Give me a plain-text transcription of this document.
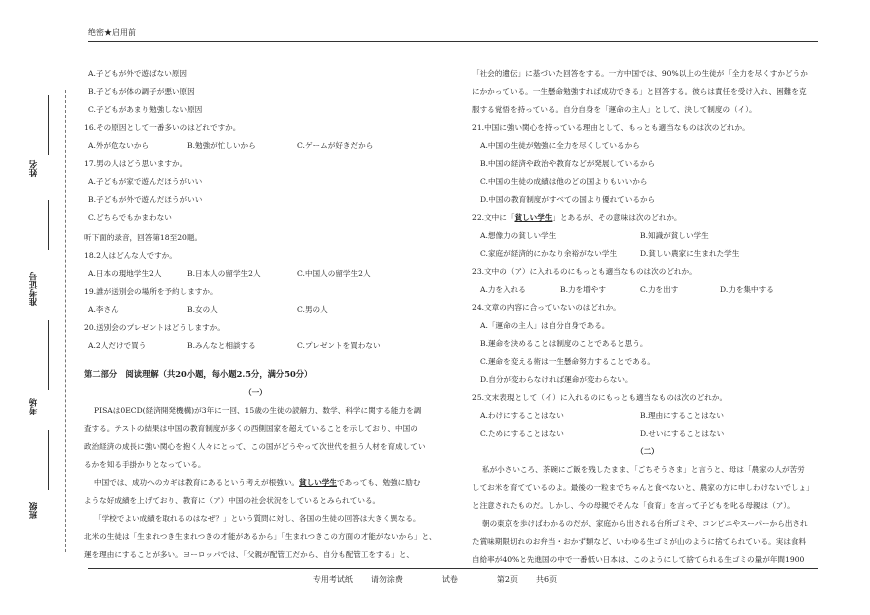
绝密★启用前
姓名
准考证号
考场
班级
A.子どもが外で遊ばない原因
B.子どもが体の調子が悪い原因
C.子どもがあまり勉強しない原因
16.その原因として一番多いのはどれですか。
A.外が危ないから	B.勉強が忙しいから	C.ゲームが好きだから
17.男の人はどう思いますか。
A.子どもが家で遊んだほうがいい
B.子どもが外で遊んだほうがいい
C.どちらでもかまわない
听下面的录音，回答第18至20题。
18.2人はどんな人ですか。
A.日本の現地学生2人	B.日本人の留学生2人	C.中国人の留学生2人
19.誰が送別会の場所を予約しますか。
A.李さん	B.女の人	C.男の人
20.送別会のプレゼントはどうしますか。
A.2人だけで買う	B.みんなと相談する	C.プレゼントを買わない
第二部分　阅读理解（共20小题，每小题2.5分，满分50分）
（一）
PISAは0ECD(経済開発機構)が3年に一回、15歳の生徒の読解力、数学、科学に関する能力を調
査する。テストの結果は中国の教育制度が多くの西側国家を超えていることを示しており、中国の
政治経済の成長に強い関心を抱く人々にとって、この国がどうやって次世代を担う人材を育成してい
るかを知る手掛かりとなっている。
中国では、成功へのカギは教育にあるという考えが根強い。貧しい学生であっても、勉強に励む
ような好成績を上げており、教育に（ア）中国の社会状況をしているとみられている。
「学校でよい成績を取れるのはなぜ？」という質問に対し、各国の生徒の回答は大きく異なる。
北米の生徒は「生まれつき生まれつきの才能があるから」「生まれつきこの方面の才能がないから」と、
運を理由にすることが多い。ヨーロッパでは、「父親が配管工だから、自分も配管工をする」と、
「社会的遺伝」に基づいた回答をする。一方中国では、90%以上の生徒が「全力を尽くすかどうか
にかかっている。一生懸命勉強すれば成功できる」と回答する。彼らは責任を受け入れ、困難を克
服する覚悟を持っている。自分自身を「運命の主人」として、決して制度の（イ）。
21.中国に強い関心を持っている理由として、もっとも適当なものは次のどれか。
A.中国の生徒が勉強に全力を尽くしているから
B.中国の経済や政治や教育などが発展しているから
C.中国の生徒の成績は他のどの国よりもいいから
D.中国の教育制度がすべての国より優れているから
22.文中に「貧しい学生」とあるが、その意味は次のどれか。
A.想像力の貧しい学生	B.知識が貧しい学生
C.家庭が経済的にかなり余裕がない学生	D.貧しい農家に生まれた学生
23.文中の（ア）に入れるのにもっとも適当なものは次のどれか。
A.力を入れる	B.力を増やす	C.力を出す	D.力を集中する
24.文章の内容に合っていないのはどれか。
A.「運命の主人」は自分自身である。
B.運命を決めることは制度のことであると思う。
C.運命を変える術は一生懸命努力することである。
D.自分が変わらなければ運命が変わらない。
25.文末表現として（イ）に入れるのにもっとも適当なものは次のどれか。
A.わけにすることはない	B.理由にすることはない
C.ためにすることはない	D.せいにすることはない
（二）
私が小さいころ、茶碗にご飯を残したまま、「ごちそうさま」と言うと、母は「農家の人が苦労
してお米を育てているのよ。最後の一粒までちゃんと食べないと、農家の方に申しわけないでしょ」
と注意されたものだ。しかし、今の母親でそんな「食育」を言って子どもを叱る母親は（ア）。
朝の東京を歩けばわかるのだが、家庭から出される台所ゴミや、コンビニやスーパーから出され
た賞味期限切れのお弁当・おかず類など、いわゆる生ゴミが山のように捨てられている。実は食料
自給率が40%と先進国の中で一番低い日本は、このようにして捨てられる生ゴミの量が年間1900
专用考试纸 请勿涂费	试卷	第2页 共6页
